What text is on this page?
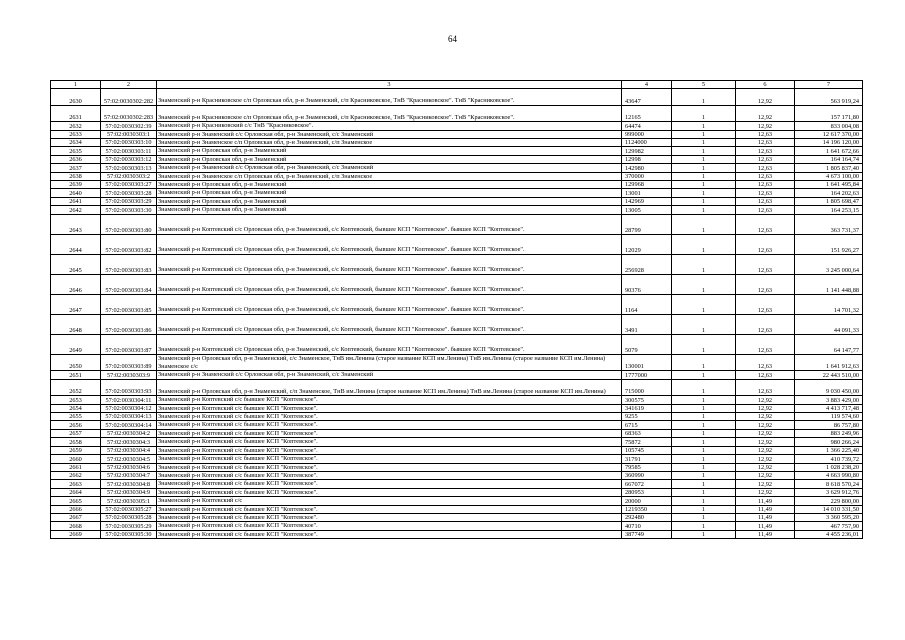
64
1	2	3	4	5	6	7
2630	57:02:0030302:282	Знаменский р-н Красниковское с/п Орловская обл, р-н Знаменский, с/п Красниковское, ТнВ "Красниковское". ТнВ "Красниковское".	43647	1	12,92	563 919,24
2631	57:02:0030302:283	Знаменский р-н Красниковское с/п Орловская обл, р-н Знаменский, с/п Красниковское, ТнВ "Красниковское". ТнВ "Красниковское".	12165	1	12,92	157 171,80
2632	57:02:0030302:39	Знаменский р-н Красниковский с/с ТнВ "Красниковское".	64474	1	12,92	833 004,08
2633	57:02:0030303:1	Знаменский р-н Знаменский с/с Орловская обл, р-н Знаменский, с/с Знаменский	999000	1	12,63	12 617 370,00
2634	57:02:0030303:10	Знаменский р-н Знаменское с/п Орловская обл, р-н Знаменский, с/п Знаменское	1124000	1	12,63	14 196 120,00
2635	57:02:0030303:11	Знаменский р-н Орловская обл, р-н Знаменский	129982	1	12,63	1 641 672,66
2636	57:02:0030303:12	Знаменский р-н Орловская обл, р-н Знаменский	12998	1	12,63	164 164,74
2637	57:02:0030303:13	Знаменский р-н Знаменский с/с Орловская обл, р-н Знаменский, с/с Знаменский	142980	1	12,63	1 805 837,40
2638	57:02:0030303:2	Знаменский р-н Знаменское с/п Орловская обл, р-н Знаменский, с/п Знаменское	370000	1	12,63	4 673 100,00
2639	57:02:0030303:27	Знаменский р-н Орловская обл, р-н Знаменский	129968	1	12,63	1 641 495,84
2640	57:02:0030303:28	Знаменский р-н Орловская обл, р-н Знаменский	13001	1	12,63	164 202,63
2641	57:02:0030303:29	Знаменский р-н Орловская обл, р-н Знаменский	142969	1	12,63	1 805 698,47
2642	57:02:0030303:30	Знаменский р-н Орловская обл, р-н Знаменский	13005	1	12,63	164 253,15
2643	57:02:0030303:80	Знаменский р-н Коптевский с/с Орловская обл, р-н Знаменский, с/с Коптевский, бывшее КСП "Коптевское". бывшее КСП "Коптевское".	28799	1	12,63	363 731,37
2644	57:02:0030303:82	Знаменский р-н Коптевский с/с Орловская обл, р-н Знаменский, с/с Коптевский, бывшее КСП "Коптевское". бывшее КСП "Коптевское".	12029	1	12,63	151 926,27
2645	57:02:0030303:83	Знаменский р-н Коптевский с/с Орловская обл, р-н Знаменский, с/с Коптевский, бывшее КСП "Коптевское". бывшее КСП "Коптевское".	256928	1	12,63	3 245 000,64
2646	57:02:0030303:84	Знаменский р-н Коптевский с/с Орловская обл, р-н Знаменский, с/с Коптевский, бывшее КСП "Коптевское". бывшее КСП "Коптевское".	90376	1	12,63	1 141 448,88
2647	57:02:0030303:85	Знаменский р-н Коптевский с/с Орловская обл, р-н Знаменский, с/с Коптевский, бывшее КСП "Коптевское". бывшее КСП "Коптевское".	1164	1	12,63	14 701,32
2648	57:02:0030303:86	Знаменский р-н Коптевский с/с Орловская обл, р-н Знаменский, с/с Коптевский, бывшее КСП "Коптевское". бывшее КСП "Коптевское".	3491	1	12,63	44 091,33
2649	57:02:0030303:87	Знаменский р-н Коптевский с/с Орловская обл, р-н Знаменский, с/с Коптевский, бывшее КСП "Коптевское". бывшее КСП "Коптевское".	5079	1	12,63	64 147,77
2650	57:02:0030303:89	Знаменский р-н Орловская обл, р-н Знаменский, с/с Знаменское, ТнВ им.Ленина (старое название КСП им.Ленина) ТнВ им.Ленина (старое название КСП им.Ленина) Знаменское с/с	130001	1	12,63	1 641 912,63
2651	57:02:0030303:9	Знаменский р-н Знаменский с/с Орловская обл, р-н Знаменский, с/с Знаменский	1777000	1	12,63	22 443 510,00
2652	57:02:0030303:93	Знаменский р-н Орловская обл, р-н Знаменский, с/п Знаменское, ТнВ им.Ленина (старое название КСП им.Ленина) ТнВ им.Ленина (старое название КСП им.Ленина)	715000	1	12,63	9 030 450,00
2653	57:02:0030304:11	Знаменский р-н Коптевский с/с бывшее КСП "Коптевское".	300575	1	12,92	3 883 429,00
2654	57:02:0030304:12	Знаменский р-н Коптевский с/с бывшее КСП "Коптевское".	341619	1	12,92	4 413 717,48
2655	57:02:0030304:13	Знаменский р-н Коптевский с/с бывшее КСП "Коптевское".	9255	1	12,92	119 574,60
2656	57:02:0030304:14	Знаменский р-н Коптевский с/с бывшее КСП "Коптевское".	6715	1	12,92	86 757,80
2657	57:02:0030304:2	Знаменский р-н Коптевский с/с бывшее КСП "Коптевское".	68363	1	12,92	883 249,96
2658	57:02:0030304:3	Знаменский р-н Коптевский с/с бывшее КСП "Коптевское".	75872	1	12,92	980 266,24
2659	57:02:0030304:4	Знаменский р-н Коптевский с/с бывшее КСП "Коптевское".	105745	1	12,92	1 366 225,40
2660	57:02:0030304:5	Знаменский р-н Коптевский с/с бывшее КСП "Коптевское".	31791	1	12,92	410 739,72
2661	57:02:0030304:6	Знаменский р-н Коптевский с/с бывшее КСП "Коптевское".	79585	1	12,92	1 028 238,20
2662	57:02:0030304:7	Знаменский р-н Коптевский с/с бывшее КСП "Коптевское".	360990	1	12,92	4 663 990,80
2663	57:02:0030304:8	Знаменский р-н Коптевский с/с бывшее КСП "Коптевское".	667072	1	12,92	8 618 570,24
2664	57:02:0030304:9	Знаменский р-н Коптевский с/с бывшее КСП "Коптевское".	280953	1	12,92	3 629 912,76
2665	57:02:0030305:1	Знаменский р-н Коптевский с/с	20000	1	11,49	229 800,00
2666	57:02:0030305:27	Знаменский р-н Коптевский с/с бывшее КСП "Коптевское".	1219350	1	11,49	14 010 331,50
2667	57:02:0030305:28	Знаменский р-н Коптевский с/с бывшее КСП "Коптевское".	292480	1	11,49	3 360 595,20
2668	57:02:0030305:29	Знаменский р-н Коптевский с/с бывшее КСП "Коптевское".	40710	1	11,49	467 757,90
2669	57:02:0030305:30	Знаменский р-н Коптевский с/с бывшее КСП "Коптевское".	387749	1	11,49	4 455 236,01
